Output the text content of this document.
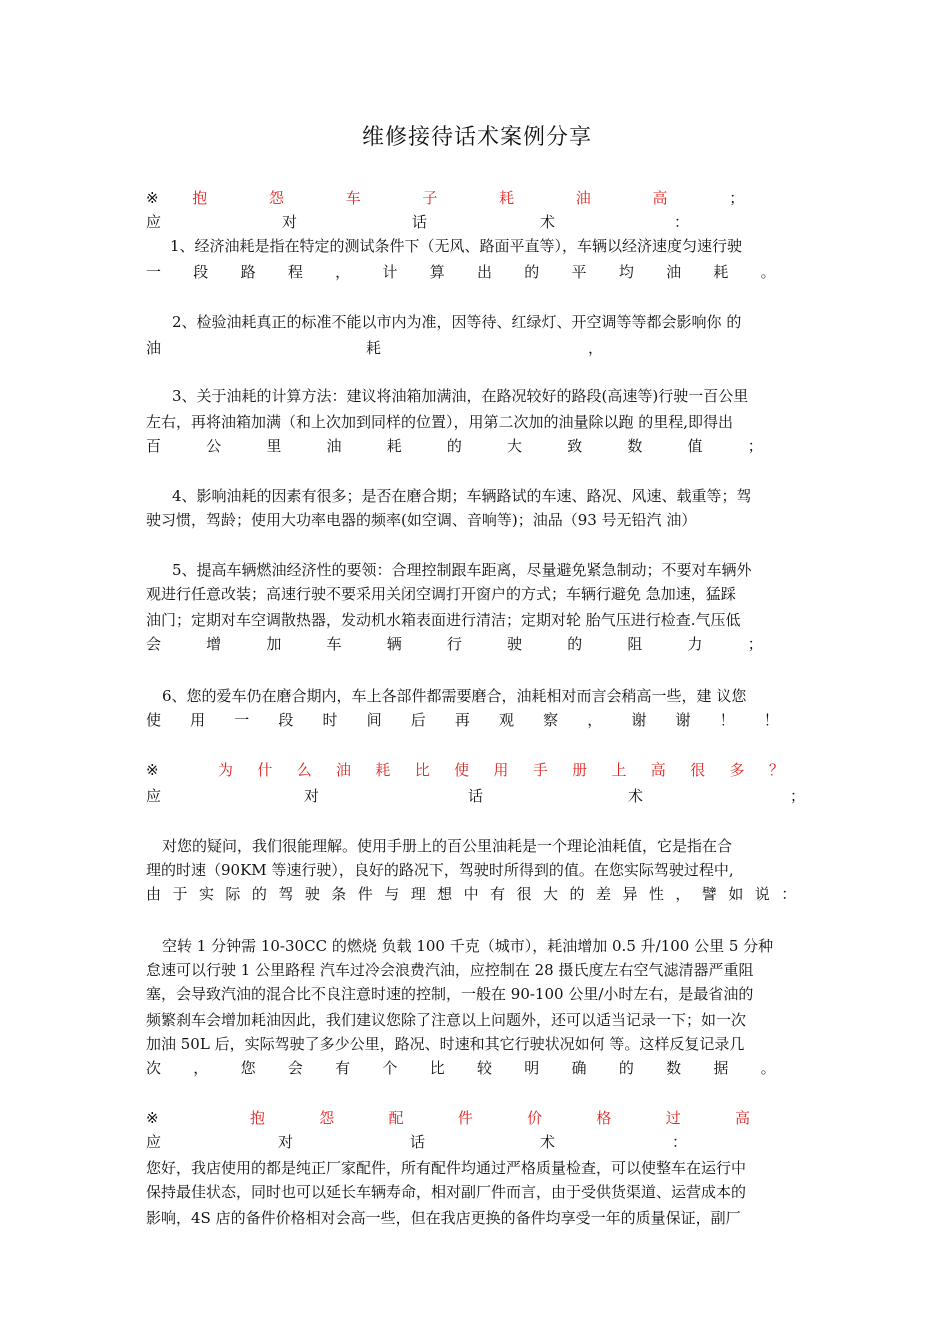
维修接待话术案例分享
※ 抱	怨	车	子	耗	油	高	；
应	对	话	术	：
1、经济油耗是指在特定的测试条件下（无风、路面平直等），车辆以经济速度匀速行驶
一 段 路 程 ， 计 算 出 的 平 均 油 耗 。
2、检验油耗真正的标准不能以市内为准，因等待、红绿灯、开空调等等都会影响你 的
油	耗	，
3、关于油耗的计算方法：建议将油箱加满油，在路况较好的路段(高速等)行驶一百公里
左右，再将油箱加满（和上次加到同样的位置），用第二次加的油量除以跑 的里程,即得出
百	公	里	油	耗	的	大	致	数	值	；
4、影响油耗的因素有很多；是否在磨合期；车辆路试的车速、路况、风速、载重等；驾
驶习惯，驾龄；使用大功率电器的频率(如空调、音响等)；油品（93 号无铅汽 油）
5、提高车辆燃油经济性的要领：合理控制跟车距离，尽量避免紧急制动；不要对车辆外
观进行任意改装；高速行驶不要采用关闭空调打开窗户的方式；车辆行避免 急加速，猛踩
油门；定期对车空调散热器，发动机水箱表面进行清洁；定期对轮 胎气压进行检查.气压低
会	增	加	车	辆	行	驶	的	阻	力	；
6、您的爱车仍在磨合期内，车上各部件都需要磨合，油耗相对而言会稍高一些，建 议您
使 用 一 段 时 间 后 再 观 察 ， 谢 谢 ！ ！
※	为 什 么 油 耗 比 使 用 手 册 上 高 很 多 ？
应	对	话	术	；
对您的疑问，我们很能理解。使用手册上的百公里油耗是一个理论油耗值，它是指在合
理的时速（90KM 等速行驶），良好的路况下，驾驶时所得到的值。在您实际驾驶过程中,
由 于 实 际 的 驾 驶 条 件 与 理 想 中 有 很 大 的 差 异 性 ， 譬 如 说 ：
空转 1 分钟需 10-30CC 的燃烧 负载 100 千克（城市），耗油增加 0.5 升/100 公里 5 分种
怠速可以行驶 1 公里路程 汽车过冷会浪费汽油，应控制在 28 摄氏度左右空气滤清器严重阻
塞，会导致汽油的混合比不良注意时速的控制，一般在 90-100 公里/小时左右，是最省油的
频繁刹车会增加耗油因此，我们建议您除了注意以上问题外，还可以适当记录一下；如一次
加油 50L 后，实际驾驶了多少公里，路况、时速和其它行驶状况如何 等。这样反复记录几
次 ， 您 会 有 个 比 较 明 确 的 数 据 。
※	抱	怨	配	件	价	格	过	高
应	对	话	术	：
您好，我店使用的都是纯正厂家配件，所有配件均通过严格质量检查，可以使整车在运行中
保持最佳状态，同时也可以延长车辆寿命，相对副厂件而言，由于受供货渠道、运营成本的
影响，4S 店的备件价格相对会高一些，但在我店更换的备件均享受一年的质量保证，副厂
